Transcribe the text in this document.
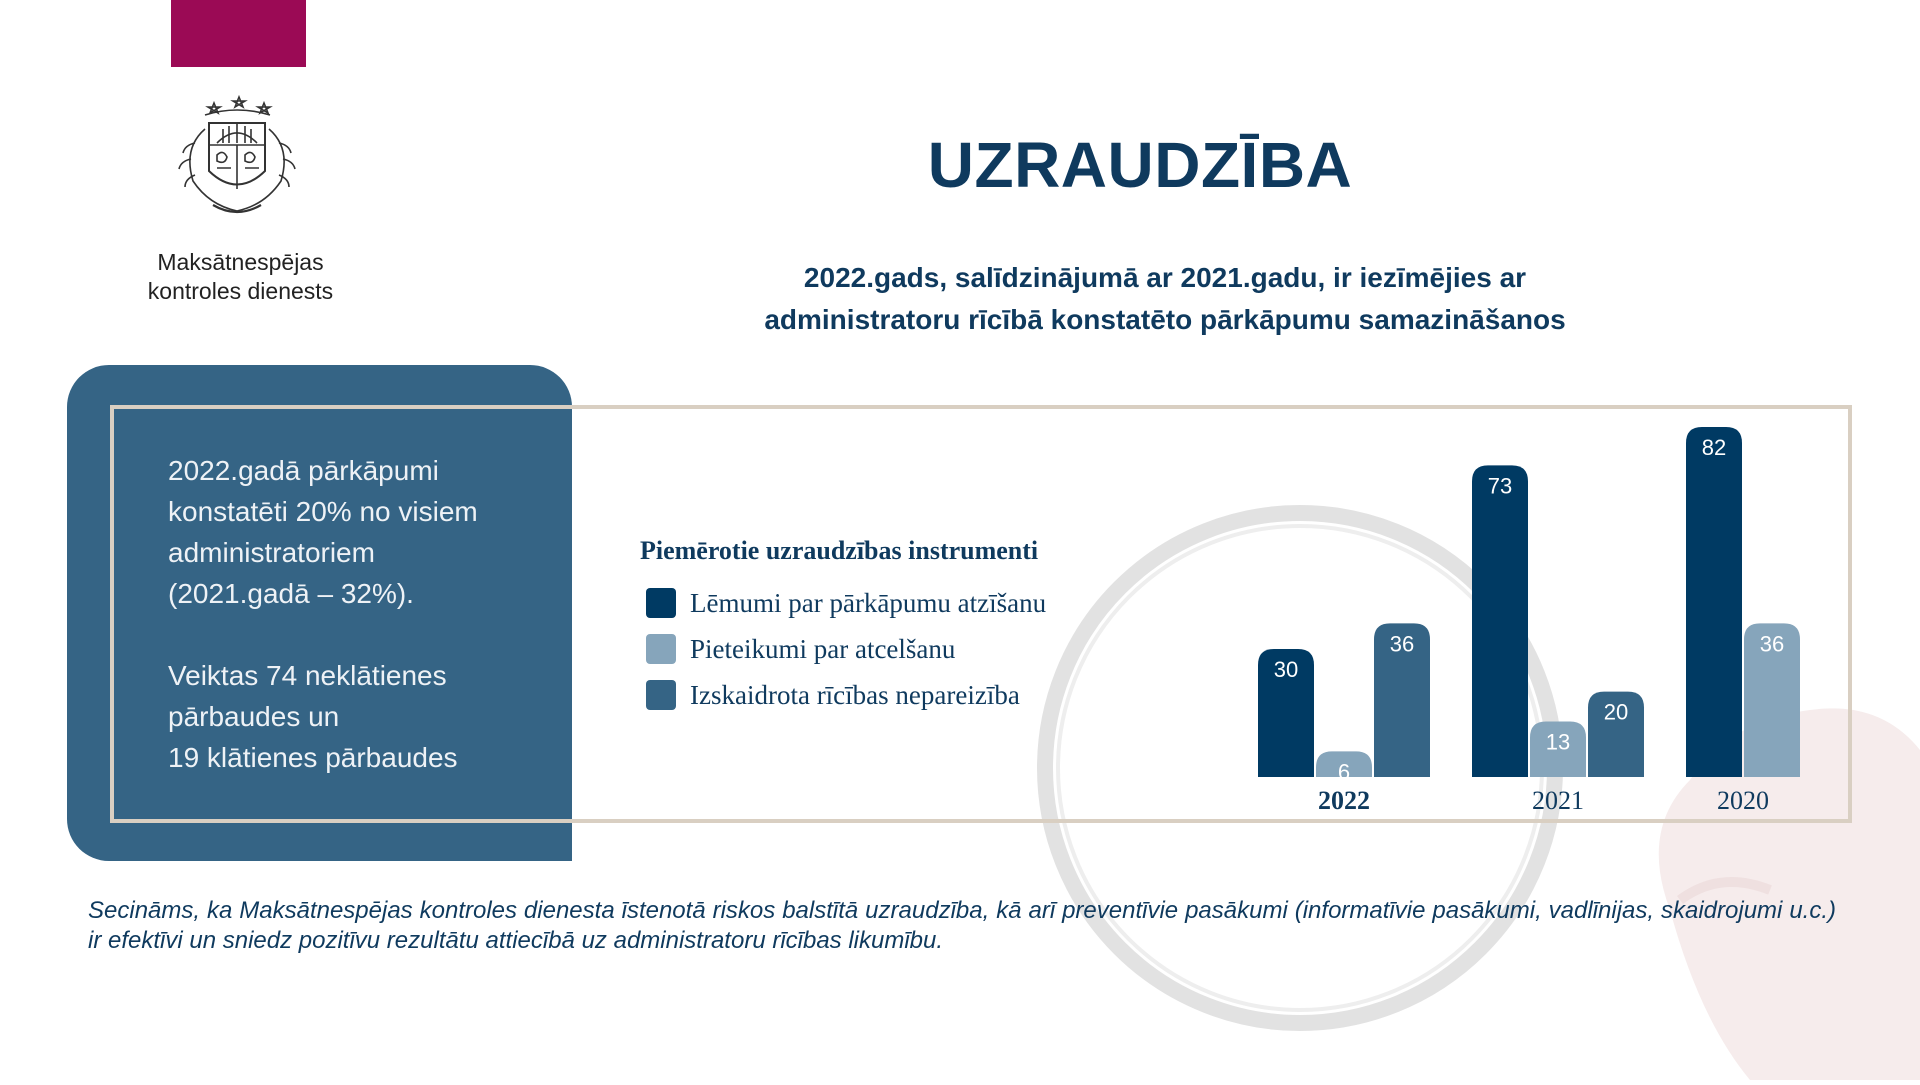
Maksātnespējas
kontroles dienests
UZRAUDZĪBA
2022.gads, salīdzinājumā ar 2021.gadu, ir iezīmējies ar
administratoru rīcībā konstatēto pārkāpumu samazināšanos
2022.gadā pārkāpumi
konstatēti 20% no visiem
administratoriem
(2021.gadā – 32%).
Veiktas 74 neklātienes
pārbaudes un
19 klātienes pārbaudes
Piemērotie uzraudzības instrumenti
Lēmumi par pārkāpumu atzīšanu
Pieteikumi par atcelšanu
Izskaidrota rīcības nepareizība
30
6
36
2022
73
13
20
2021
82
36
2020
Secināms, ka Maksātnespējas kontroles dienesta īstenotā riskos balstītā uzraudzība, kā arī preventīvie pasākumi (informatīvie pasākumi, vadlīnijas, skaidrojumi u.c.) ir efektīvi un sniedz pozitīvu rezultātu attiecībā uz administratoru rīcības likumību.
